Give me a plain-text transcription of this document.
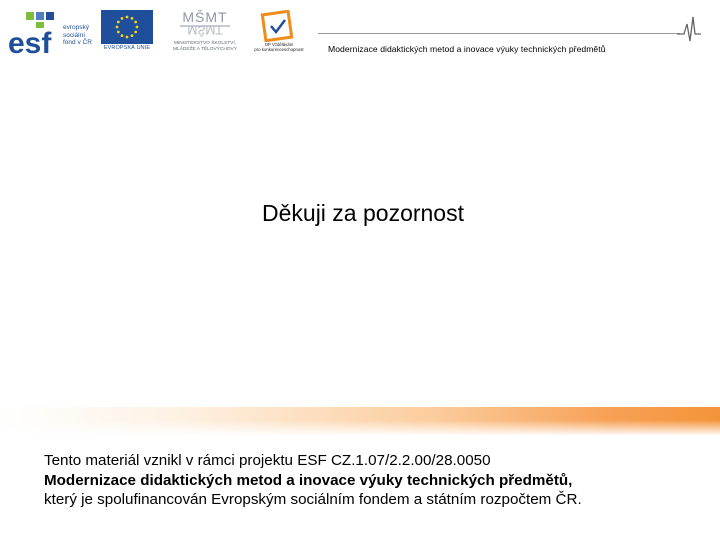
esf evropský
sociální
fond v ČR
EVROPSKÁ UNIE
MŠMT
MŠMT
MINISTERSTVO ŠKOLSTVÍ,
MLÁDEŽE A TĚLOVÝCHOVY
OP Vzdělávání
pro konkurenceschopnost	Modernizace didaktických metod a inovace výuky technických předmětů
Děkuji za pozornost
Tento materiál vznikl v rámci projektu ESF CZ.1.07/2.2.00/28.0050
Modernizace didaktických metod a inovace výuky technických předmětů,
který je spolufinancován Evropským sociálním fondem a státním rozpočtem ČR.
